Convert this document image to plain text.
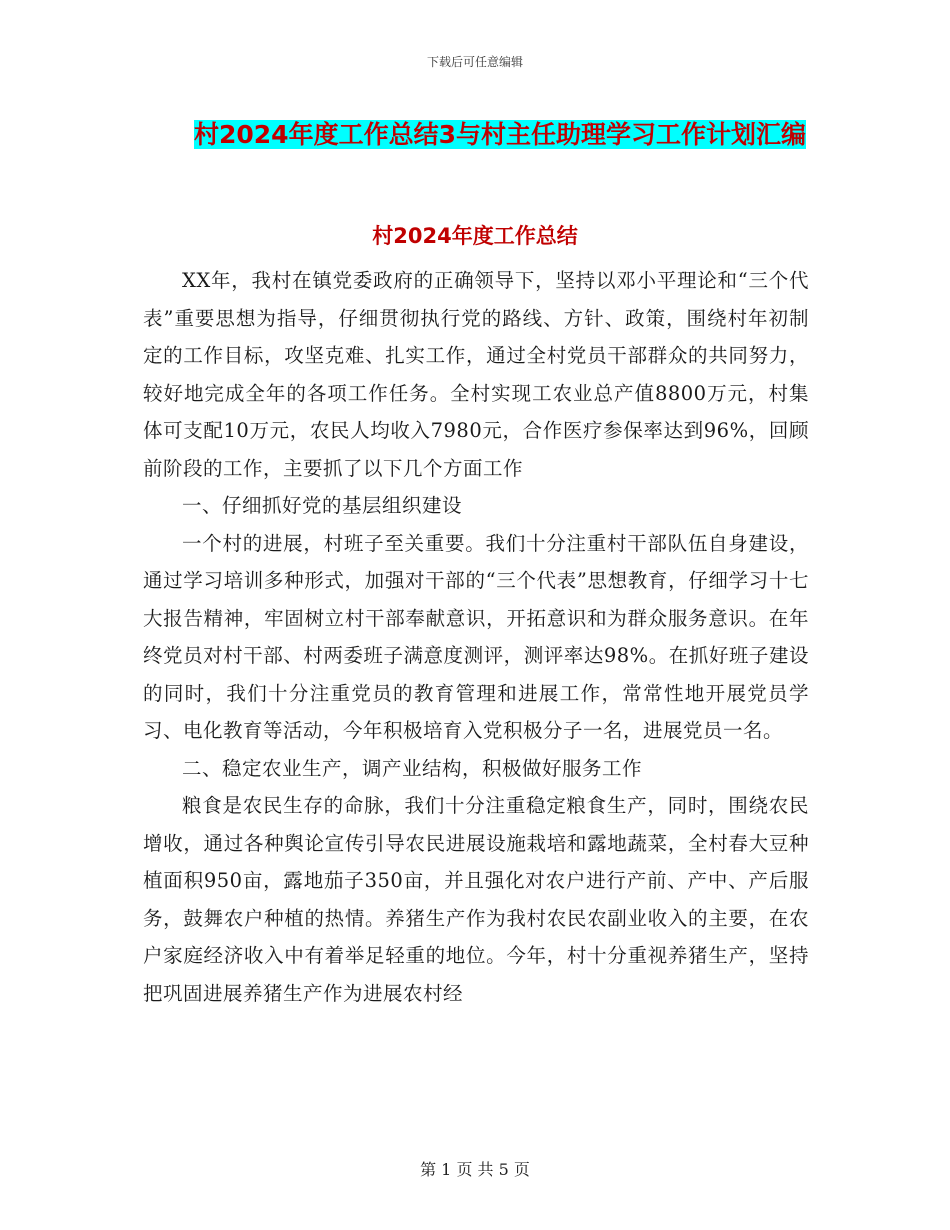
下载后可任意编辑
村2024年度工作总结3与村主任助理学习工作计划汇编
村2024年度工作总结

XX年，我村在镇党委政府的正确领导下，坚持以邓小平理论和“三个代表”重要思想为指导，仔细贯彻执行党的路线、方针、政策，围绕村年初制定的工作目标，攻坚克难、扎实工作，通过全村党员干部群众的共同努力，较好地完成全年的各项工作任务。全村实现工农业总产值8800万元，村集体可支配10万元，农民人均收入7980元，合作医疗参保率达到96%，回顾前阶段的工作，主要抓了以下几个方面工作

一、仔细抓好党的基层组织建设

一个村的进展，村班子至关重要。我们十分注重村干部队伍自身建设，通过学习培训多种形式，加强对干部的“三个代表”思想教育，仔细学习十七大报告精神，牢固树立村干部奉献意识，开拓意识和为群众服务意识。在年终党员对村干部、村两委班子满意度测评，测评率达98%。在抓好班子建设的同时，我们十分注重党员的教育管理和进展工作，常常性地开展党员学习、电化教育等活动，今年积极培育入党积极分子一名，进展党员一名。

二、稳定农业生产，调产业结构，积极做好服务工作

粮食是农民生存的命脉，我们十分注重稳定粮食生产，同时，围绕农民增收，通过各种舆论宣传引导农民进展设施栽培和露地蔬菜，全村春大豆种植面积950亩，露地茄子350亩，并且强化对农户进行产前、产中、产后服务，鼓舞农户种植的热情。养猪生产作为我村农民农副业收入的主要，在农户家庭经济收入中有着举足轻重的地位。今年，村十分重视养猪生产，坚持把巩固进展养猪生产作为进展农村经

第 1 页 共 5 页
